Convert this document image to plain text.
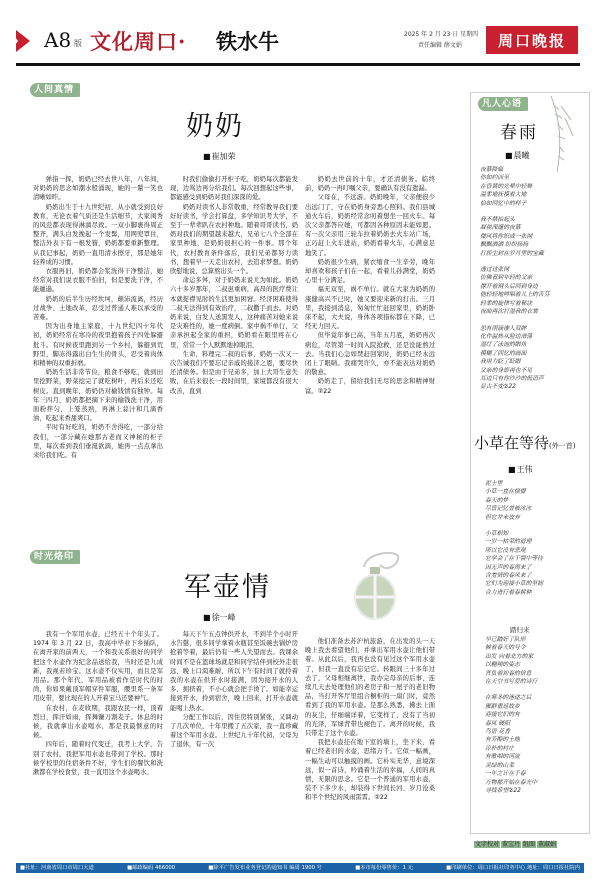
A8 版 文化周口· 铁水牛	2025 年 2 月 23 日 星期四
责任编辑 薛文娟	周口晚报
人间真情
奶奶
■ 崔加荣

弹指一挥，奶奶已经去世八年，八年间，对奶奶的思念如潮水般涌现，她的一颦一笑也清晰如昨。

奶奶出生于十九世纪初，从小就受到良好教育，无论衣着气质还是生活细节，大家闺秀的风范都表现得淋漓尽致。一双小脚裹得周正整齐，满头白发挽起一个发髻，用网兜罩住，整洁外表下有一根发簪，奶奶都要重新整理。从我记事起，奶奶一直用清水擦牙，那是她年轻养成的习惯。

衣服再旧，奶奶都会浆洗得干净整洁，她经常对我们说衣服不怕旧，但是要洗干净，不能邋遢。

奶奶的后半生历经坎坷，颠沛流离，经历过战争、土地改革，忍受过普通人难以承受的苦难。

因为出身地主家庭，十九世纪四十年代初，奶奶经常在寒冷的夜里抱着孩子四处躲避批斗。有时候夜里跑到另一个乡村，躲避到荒野里，脚冻得露出白生生的骨头，忍受着肉体和精神的双重折磨。

奶奶生活非常节俭，粮食不够吃，就到田里挖野菜，野菜挖完了就吃树叶，再后来还吃树皮。直到晚年，奶奶仍对榆钱情有独钟。每年三四月，奶奶都把摘下来的榆钱洗干净，用面粉拌匀，上笼蒸熟，再淋上蒜汁和几滴香油，吃起来香甜爽口。

平时有好吃的，奶奶不舍得吃，一部分给我们，一部分藏在她那古老而又神秘的柜子里，每次看到我们垂涎欲滴，她再一点点拿出来给我们吃。有

时我们偷偷打开柜子吃，奶奶每次都能发现，边骂边再分给我们。每次回想起这些事，都能感受到奶奶对我们深深的爱。

奶奶对读书人非常敬重，经常教导我们要好好读书，学会打算盘，多学知识考大学，不至于一辈辈趴在农村种地。随着哥哥读书，奶奶对我们的期望越来越大，兄弟七八个全部在家里种地，是奶奶很担心的一件事。那个年代，农村教育条件落后，我们兄弟都努力读书，想着早一天走出农村，去追求梦想。奶奶欣慰地说，总算熬出头一个。

命运多舛，对于奶奶来说尤为如此。奶奶六十多岁那年，二叔患重病，高昂的医疗费让本就捉襟见肘的生活更加困窘。经济困难使得二叔无法得到有效治疗，二叔撒手而去。对奶奶来说，白发人送黑发人，这种痛苦对她来说是灾难性的，她一度病倒。家中祸不单行，父亲承担起全家的重担，奶奶看在眼里疼在心里，常常一个人默默地掉眼泪，

生命，料理完二叔的后事，奶奶一次又一次告诫我们不要忘记亲戚的接济之恩，要尽快还清债务。但是由于兄弟多，加上大哥生意失败，在后来很长一段时间里，家境都没有很大改善，直到

奶奶去世前的十年，才还清债务。临终前，奶奶一再叮嘱父亲，要确认有没有遗漏。

父母在，不远游。奶奶晚年，父亲便很少出远门了，守在奶奶身旁悉心照料。我们县城通火车后，奶奶经常念叨着想坐一回火车。每次父亲都答应她，可都因各种原因未能如愿。有一次父亲用三轮车拉着奶奶去火车站广场，正巧赶上火车进站，奶奶看着火车，心满意足地笑了。

奶奶很少生病，紧衣缩食一生辛劳，晚年却喜欢和孩子们在一起，看着儿孙满堂，奶奶心里十分满足。

福无双至，祸不单行。就在大家为奶奶的康健高兴不已时，她又要迎来新的打击。三月里，我接到消息，匆匆忙忙赶回家里，奶奶卧床不起，大夫说，身体各项指标都在下降，已经无力回天。

但毕竟年事已高，当年五月底，奶奶再次病危，尽管第一时间入院抢救，还是没能熬过去。当我们心急如焚赶回家时，奶奶已经永远闭上了眼睛。我痛哭许久，亦不能表达对奶奶的敬意。

奶奶走了，留给我们无尽的思念和精神财富。②22

时光烙印
军壶情
■ 徐一峰

我有一个军用水壶，已经五十个年头了。1974 年 3 月 22 日，我高中毕业下乡插队，在离开家的前两天，一个和我关系很好的同学把这个水壶作为纪念品送给我，当时还是九成新，我视若珍宝。这水壶不仅实用，而且是军用品。那个年代，军用品被看作是时代的时尚，你如果戴顶军帽穿件军服，腰里系一条军用皮带，要比现在的人开着宝马还要神气。

在农村，在麦收期，我跟农民一样，顶着烈日，挥汗如雨，挥舞镰刀割麦子。休息的时候，我就拿出水壶喝水，那是我最惬意的时候。

四年后，随着时代变迁，我考上大学，告别了农村，我把军用水壶也带到了学校。那时候学校里的住宿条件不好，学生们的餐饮和洗漱都在学校食堂，我一直用这个水壶喝水。

每天下午五点钟供开水，不到半个小时开水告罄，很多同学拿着水瓶甚至饭碗去锅炉房抢着等着，最后仍有一些人失望而去。我课余时间不是在篮球场就是和同学结伴到校外走很远，晚上口渴难耐，所以下午有时间了就拎着我的水壶在供开水时接满，因为接开水的人多，拥挤着，不小心就会把手烫了。如能幸运接到开水，拎到宿舍，晚上回来，打开水壶就能喝上热水。

分配工作以后，因住房特别紧张，又调动了几次单位，十年里搬了五次家，我一直珍藏着这个军用水壶。上世纪九十年代初，父母为了退休，有一次

他们准备去苏沪杭旅游，在出发的头一天晚上我去看望他们，并拿出军用水壶让他们带着。从此以后，我再也没有见过这个军用水壶了，但我一直没有忘记它。转眼间三十多年过去了，父母相继离世，我办完母亲的后事，连续几天去处理他们的老房子和一屋子的老旧物品，当打开客厅里组合橱柜的一扇门时，竟然看到了我的军用水壶。是那么熟悉，拂去上面的灰尘，仔细端详着，它变样了，没有了当初的光泽，军绿背带也褪色了。离开的时候，我只带走了这个水壶。

我把水壶挂在地下室的墙上，坐下来，看着已经老旧的水壶，思绪万千。它似一幅画，一幅生动可以触摸的画。它朴实无华、意境深远，似一首诗，吟诵着生活的幸福，人间的真情，无限的思念。它是一个普通的军用水壶，装不下多少水，却装得下世间长河、岁月沧桑和半个世纪的风雨雷霄。②22

凡人心语
春雨
■ 晨曦

夜幕降临
你如约而至
在昏黄的光晕中轻舞
温柔地抚摸着大地
恰如回忆中的样子

我不禁抬起头
凝视深邃的夜幕
微风将你织成一张网
飘飘洒洒 纷纷扬扬
打捞尘封在岁月里的宝藏

透过这张网
仿佛看到年轻的父亲
撑开着钢头后回到身边
他轻轻地哼唱着儿上的苦芬
轻柔的旋律写着秘诀
夜曲再次打湿我的衣裳

思有雨滴渗入双眸
化作温热从脸边滑落
湿红了泳池的眼角
模糊了回忆的画面
我用力眨了眨眼
父亲的身影再也不见
耳边只有你沙沙的低语声
显古不变②22

小草在等待(外一首)
■ 王伟

泥土里
小草一直在憧憬
春天的梦
尽管记忆曾被冰冻
但它并未放弃

小草相知
一岁一枯荣的道理
所以它没有悲观
它学会了在干裂中等待
因无声的春雨来了
含羞情的春风来了
它们为迎接小草的坚韧
合力进行着春耕种

踏归来

早已踏好了队形
候着春天的号令
出发 向着北方的家
以翱翔的姿态
背负着初春的信息
在天空书写爱的诗行

在寒冬的迷途之后
雁群重返故乡
迎接它们的有
春风 暖阳
鸟语 花香
有芳醇的土地
淳朴的村庄
有歌唱的河流
灵绿的山菜
一年之计在于春
万物都开始在春光中
寻找希望②22

文字校对 董宝丹 组图 董淑娟
■社址：河南省周口市周口大道	■邮政编码 466000	■除平广告发布业务登记的通知书 编周 1900 号	■本市每份零售价：1 元	■印刷单位：周口日报社印务中心 地址：周口日报社院内
